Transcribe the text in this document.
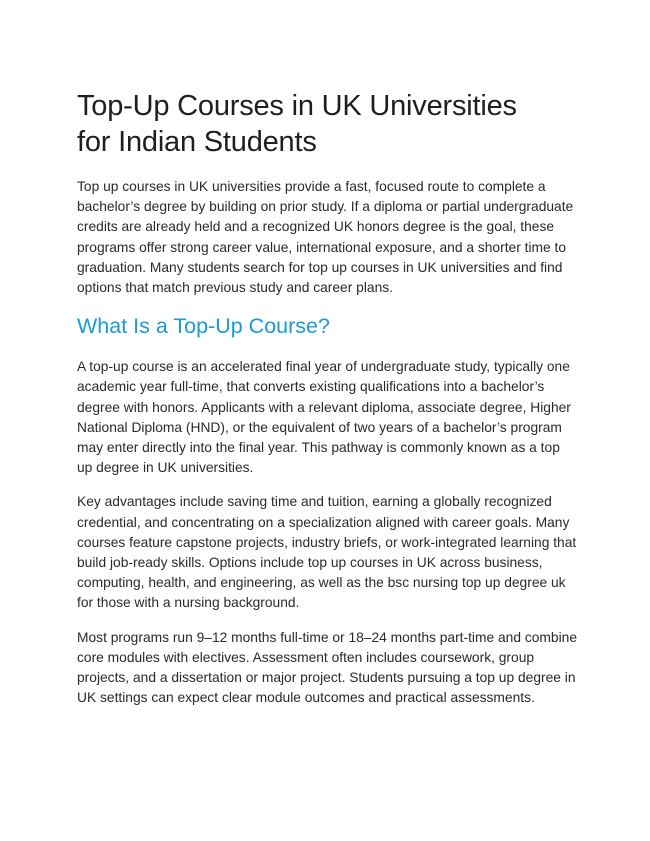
Top-Up Courses in UK Universities
for Indian Students

Top up courses in UK universities provide a fast, focused route to complete a bachelor’s degree by building on prior study. If a diploma or partial undergraduate credits are already held and a recognized UK honors degree is the goal, these programs offer strong career value, international exposure, and a shorter time to graduation. Many students search for top up courses in UK universities and find options that match previous study and career plans.

What Is a Top-Up Course?

A top-up course is an accelerated final year of undergraduate study, typically one academic year full-time, that converts existing qualifications into a bachelor’s degree with honors. Applicants with a relevant diploma, associate degree, Higher National Diploma (HND), or the equivalent of two years of a bachelor’s program may enter directly into the final year. This pathway is commonly known as a top up degree in UK universities.

Key advantages include saving time and tuition, earning a globally recognized credential, and concentrating on a specialization aligned with career goals. Many courses feature capstone projects, industry briefs, or work-integrated learning that build job-ready skills. Options include top up courses in UK across business, computing, health, and engineering, as well as the bsc nursing top up degree uk for those with a nursing background.

Most programs run 9–12 months full-time or 18–24 months part-time and combine core modules with electives. Assessment often includes coursework, group projects, and a dissertation or major project. Students pursuing a top up degree in UK settings can expect clear module outcomes and practical assessments.
